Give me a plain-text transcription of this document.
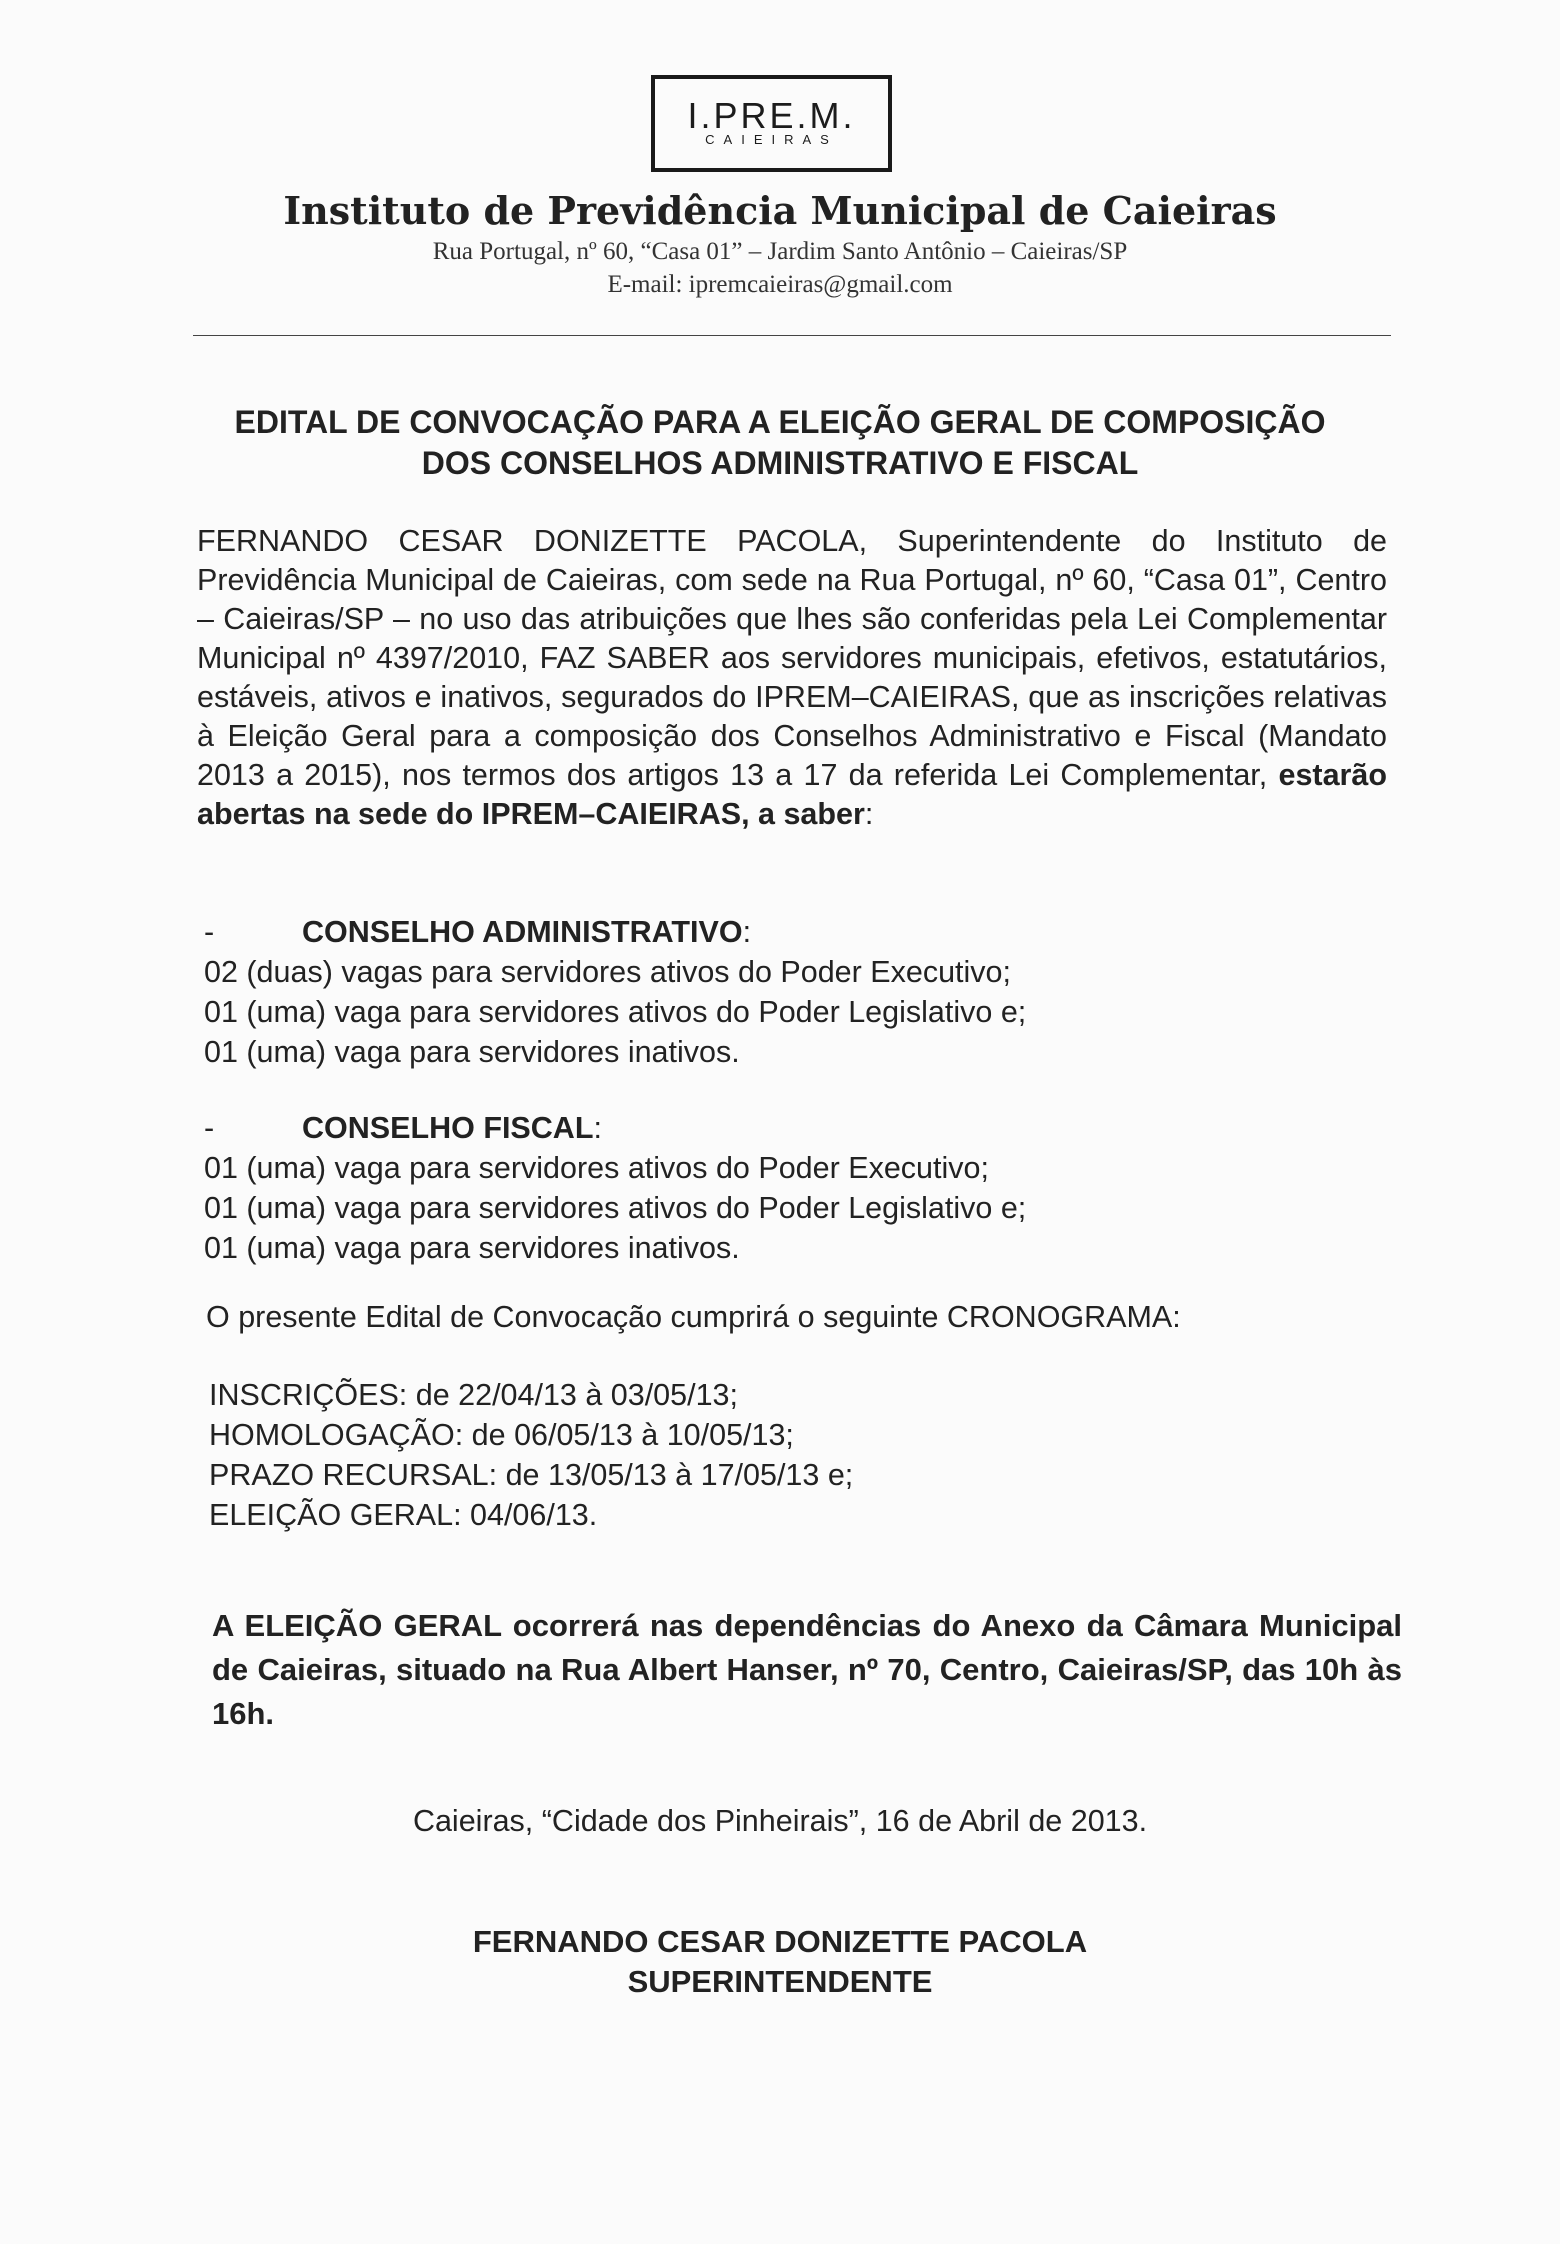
I.PRE.M.
CAIEIRAS
Instituto de Previdência Municipal de Caieiras
Rua Portugal, nº 60, “Casa 01” – Jardim Santo Antônio – Caieiras/SP
E-mail: ipremcaieiras@gmail.com
EDITAL DE CONVOCAÇÃO PARA A ELEIÇÃO GERAL DE COMPOSIÇÃO
DOS CONSELHOS ADMINISTRATIVO E FISCAL
FERNANDO CESAR DONIZETTE PACOLA, Superintendente do Instituto de Previdência Municipal de Caieiras, com sede na Rua Portugal, nº 60, “Casa 01”, Centro – Caieiras/SP – no uso das atribuições que lhes são conferidas pela Lei Complementar Municipal nº 4397/2010, FAZ SABER aos servidores municipais, efetivos, estatutários, estáveis, ativos e inativos, segurados do IPREM–CAIEIRAS, que as inscrições relativas à Eleição Geral para a composição dos Conselhos Administrativo e Fiscal (Mandato 2013 a 2015), nos termos dos artigos 13 a 17 da referida Lei Complementar, estarão abertas na sede do IPREM–CAIEIRAS, a saber:
-	CONSELHO ADMINISTRATIVO:
02 (duas) vagas para servidores ativos do Poder Executivo;
01 (uma) vaga para servidores ativos do Poder Legislativo e;
01 (uma) vaga para servidores inativos.
-	CONSELHO FISCAL:
01 (uma) vaga para servidores ativos do Poder Executivo;
01 (uma) vaga para servidores ativos do Poder Legislativo e;
01 (uma) vaga para servidores inativos.
O presente Edital de Convocação cumprirá o seguinte CRONOGRAMA:
INSCRIÇÕES: de 22/04/13 à 03/05/13;
HOMOLOGAÇÃO: de 06/05/13 à 10/05/13;
PRAZO RECURSAL: de 13/05/13 à 17/05/13 e;
ELEIÇÃO GERAL: 04/06/13.
A ELEIÇÃO GERAL ocorrerá nas dependências do Anexo da Câmara Municipal de Caieiras, situado na Rua Albert Hanser, nº 70, Centro, Caieiras/SP, das 10h às 16h.
Caieiras, “Cidade dos Pinheirais”, 16 de Abril de 2013.
FERNANDO CESAR DONIZETTE PACOLA
SUPERINTENDENTE
